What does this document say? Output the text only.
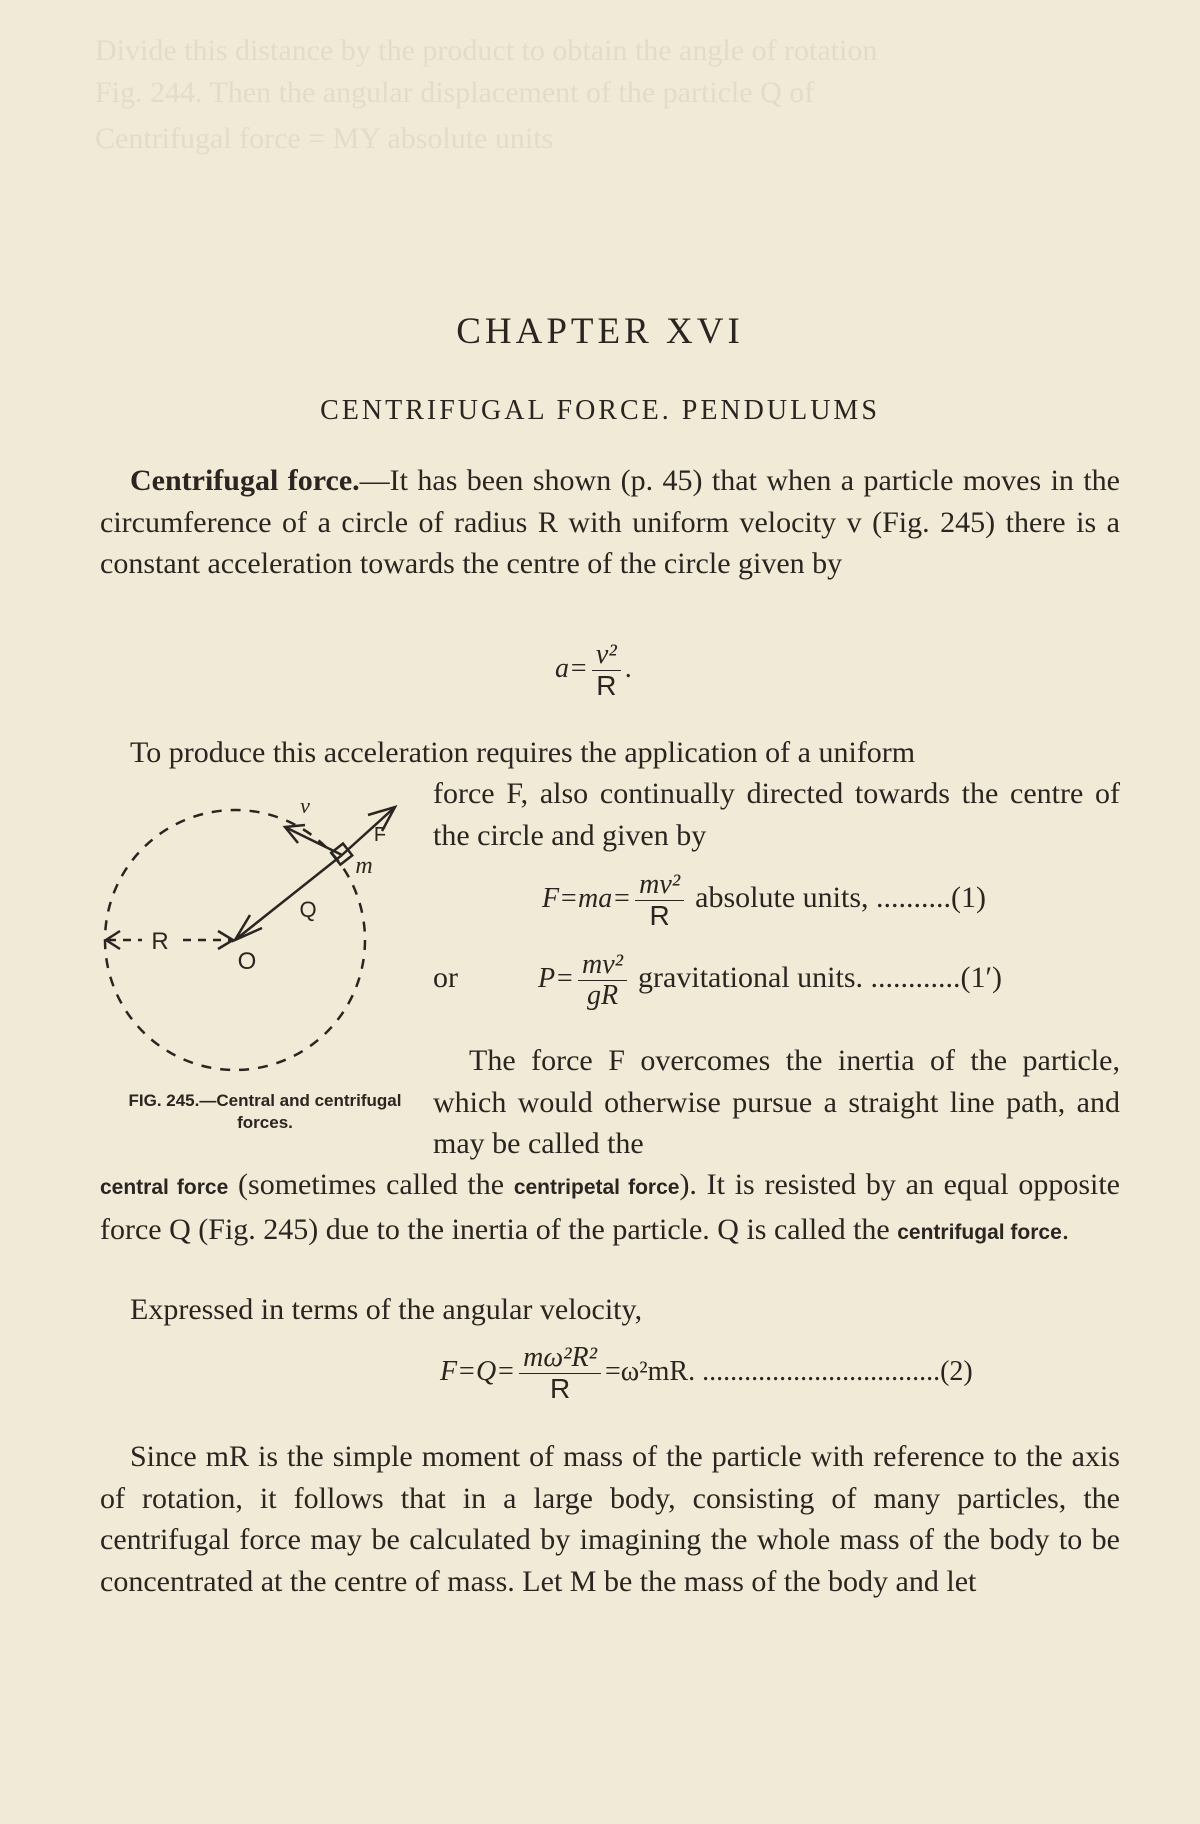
Divide this distance by the product to obtain the angle of rotation
Fig. 244. Then the angular displacement of the particle Q of
Centrifugal force = MY absolute units
CHAPTER XVI
CENTRIFUGAL FORCE. PENDULUMS
Centrifugal force.—It has been shown (p. 45) that when a particle moves in the circumference of a circle of radius R with uniform velocity v (Fig. 245) there is a constant acceleration towards the centre of the circle given by
$a= \frac{\text{v²}}{R}$ .
To produce this acceleration requires the application of a uniform
force F, also continually directed towards the centre of the circle and given by
$F=ma= \frac{\text{mv²}}{R}$ absolute units, ..........(1)
or	$P= \frac{\text{mv²}}{gR}$ gravitational units. ............(1′)
The force F overcomes the inertia of the particle, which would otherwise pursue a straight line path, and may be called the
central force (sometimes called the centripetal force). It is resisted by an equal opposite force Q (Fig. 245) due to the inertia of the particle. Q is called the centrifugal force.
R
O
Q
m
F
v
FIG. 245.—Central and centrifugal forces.
Expressed in terms of the angular velocity,
$F=Q= \frac{\text{mω²R²}}{R} =\omega^2mR$. ..................................(2)
Since mR is the simple moment of mass of the particle with reference to the axis of rotation, it follows that in a large body, consisting of many particles, the centrifugal force may be calculated by imagining the whole mass of the body to be concentrated at the centre of mass. Let M be the mass of the body and let
